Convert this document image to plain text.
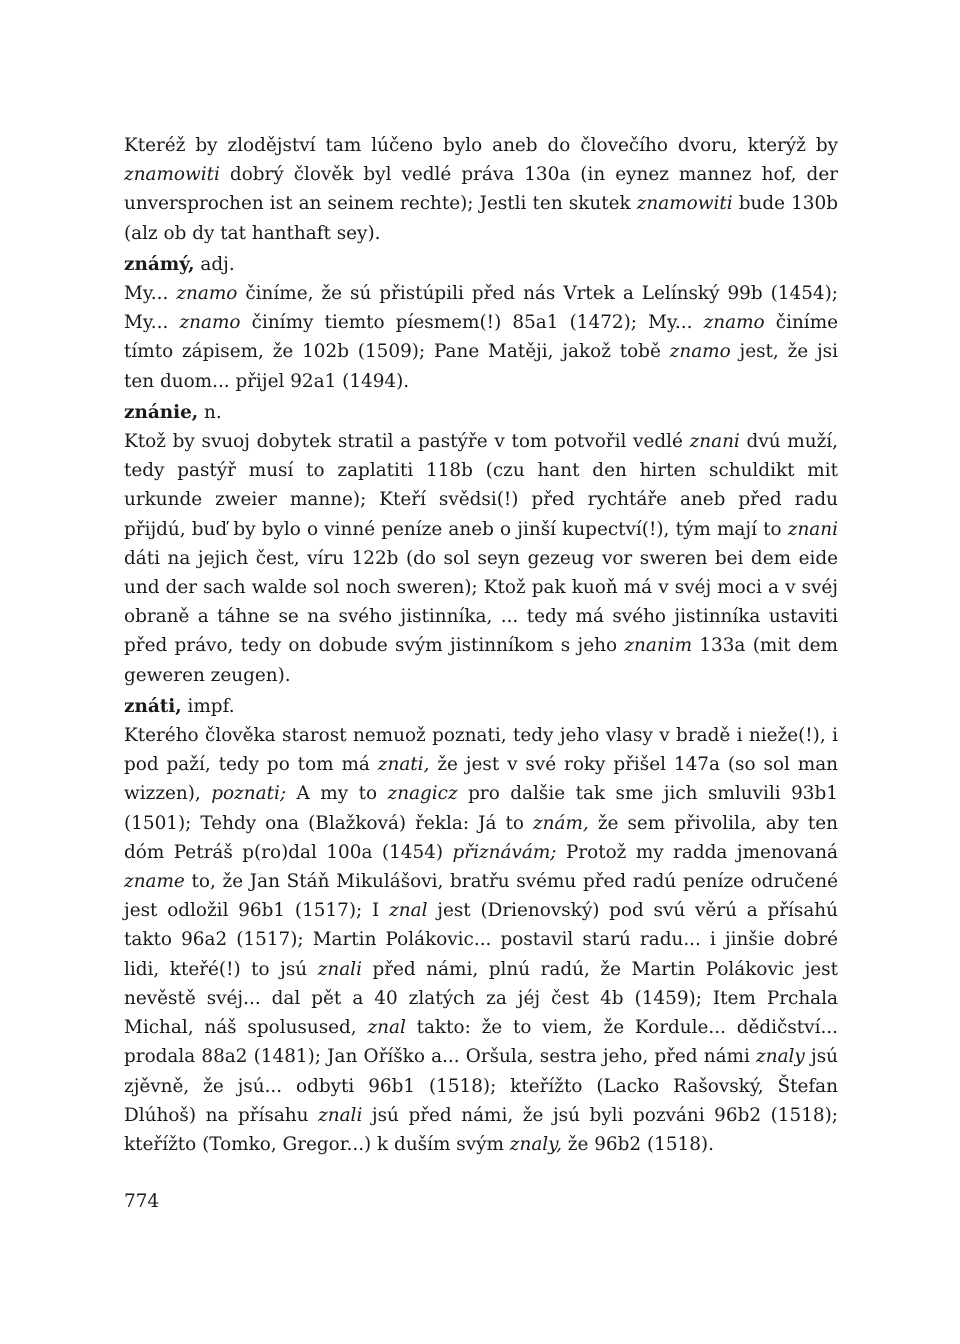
Kteréž by zlodějství tam lúčeno bylo aneb do človečího dvoru, kterýž by znamowiti dobrý člověk byl vedlé práva 130a (in eynez mannez hof, der unversprochen ist an seinem rechte); Jestli ten skutek znamowiti bude 130b (alz ob dy tat hanthaft sey).

známý, adj.

My... znamo činíme, že sú přistúpili před nás Vrtek a Lelínský 99b (1454); My... znamo činímy tiemto píesmem(!) 85a1 (1472); My... znamo činíme tímto zápisem, že 102b (1509); Pane Matěji, jakož tobě znamo jest, že jsi ten duom... přijel 92a1 (1494).

znánie, n.

Ktož by svuoj dobytek stratil a pastýře v tom potvořil vedlé znani dvú muží, tedy pastýř musí to zaplatiti 118b (czu hant den hirten schuldikt mit urkunde zweier manne); Kteří svědsi(!) před rychtáře aneb před radu přijdú, buď by bylo o vinné peníze aneb o jinší kupectví(!), tým mají to znani dáti na jejich čest, víru 122b (do sol seyn gezeug vor sweren bei dem eide und der sach walde sol noch sweren); Ktož pak kuoň má v svéj moci a v svéj obraně a táhne se na svého jistinníka, ... tedy má svého jistinníka ustaviti před právo, tedy on dobude svým jistinníkom s jeho znanim 133a (mit dem geweren zeugen).

znáti, impf.

Kterého člověka starost nemuož poznati, tedy jeho vlasy v bradě i nieže(!), i pod paží, tedy po tom má znati, že jest v své roky přišel 147a (so sol man wizzen), poznati; A my to znagicz pro dalšie tak sme jich smluvili 93b1 (1501); Tehdy ona (Blažková) řekla: Já to znám, že sem přivolila, aby ten dóm Petráš p(ro)dal 100a (1454) přiznávám; Protož my radda jmenovaná zname to, že Jan Stáň Mikulášovi, bratřu svému před radú peníze odručené jest odložil 96b1 (1517); I znal jest (Drienovský) pod svú věrú a přísahú takto 96a2 (1517); Martin Polákovic... postavil starú radu... i jinšie dobré lidi, kteřé(!) to jsú znali před námi, plnú radú, že Martin Polákovic jest nevěstě svéj... dal pět a 40 zlatých za jéj čest 4b (1459); Item Prchala Michal, náš spolusused, znal takto: že to viem, že Kordule... dědičství... prodala 88a2 (1481); Jan Oříško a... Oršula, sestra jeho, před námi znaly jsú zjěvně, že jsú... odbyti 96b1 (1518); kteřížto (Lacko Rašovský, Štefan Dlúhoš) na přísahu znali jsú před námi, že jsú byli pozváni 96b2 (1518); kteřížto (Tomko, Gregor...) k duším svým znaly, že 96b2 (1518).

774
